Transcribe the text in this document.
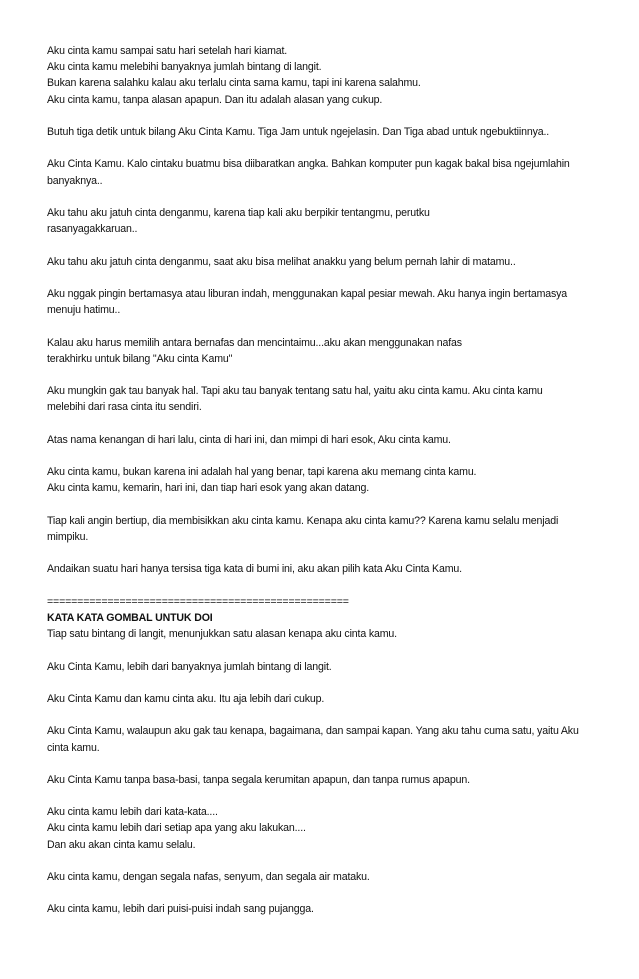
Aku cinta kamu sampai satu hari setelah hari kiamat.
Aku cinta kamu melebihi banyaknya jumlah bintang di langit.
Bukan karena salahku kalau aku terlalu cinta sama kamu, tapi ini karena salahmu.
Aku cinta kamu, tanpa alasan apapun. Dan itu adalah alasan yang cukup.

Butuh tiga detik untuk bilang Aku Cinta Kamu. Tiga Jam untuk ngejelasin. Dan Tiga abad untuk ngebuktiinnya..

Aku Cinta Kamu. Kalo cintaku buatmu bisa diibaratkan angka. Bahkan komputer pun kagak bakal bisa ngejumlahin
banyaknya..

Aku tahu aku jatuh cinta denganmu, karena tiap kali aku berpikir tentangmu, perutku
rasanyagakkaruan..

Aku tahu aku jatuh cinta denganmu, saat aku bisa melihat anakku yang belum pernah lahir di matamu..

Aku nggak pingin bertamasya atau liburan indah, menggunakan kapal pesiar mewah. Aku hanya ingin bertamasya
menuju hatimu..

Kalau aku harus memilih antara bernafas dan mencintaimu...aku akan menggunakan nafas
terakhirku untuk bilang "Aku cinta Kamu"

Aku mungkin gak tau banyak hal. Tapi aku tau banyak tentang satu hal, yaitu aku cinta kamu. Aku cinta kamu
melebihi dari rasa cinta itu sendiri.

Atas nama kenangan di hari lalu, cinta di hari ini, dan mimpi di hari esok, Aku cinta kamu.

Aku cinta kamu, bukan karena ini adalah hal yang benar, tapi karena aku memang cinta kamu.
Aku cinta kamu, kemarin, hari ini, dan tiap hari esok yang akan datang.

Tiap kali angin bertiup, dia membisikkan aku cinta kamu. Kenapa aku cinta kamu?? Karena kamu selalu menjadi
mimpiku.

Andaikan suatu hari hanya tersisa tiga kata di bumi ini, aku akan pilih kata Aku Cinta Kamu.

==================================================
KATA KATA GOMBAL UNTUK DOI
Tiap satu bintang di langit, menunjukkan satu alasan kenapa aku cinta kamu.

Aku Cinta Kamu, lebih dari banyaknya jumlah bintang di langit.

Aku Cinta Kamu dan kamu cinta aku. Itu aja lebih dari cukup.

Aku Cinta Kamu, walaupun aku gak tau kenapa, bagaimana, dan sampai kapan. Yang aku tahu cuma satu, yaitu Aku
cinta kamu.

Aku Cinta Kamu tanpa basa-basi, tanpa segala kerumitan apapun, dan tanpa rumus apapun.

Aku cinta kamu lebih dari kata-kata....
Aku cinta kamu lebih dari setiap apa yang aku lakukan....
Dan aku akan cinta kamu selalu.

Aku cinta kamu, dengan segala nafas, senyum, dan segala air mataku.

Aku cinta kamu, lebih dari puisi-puisi indah sang pujangga.
